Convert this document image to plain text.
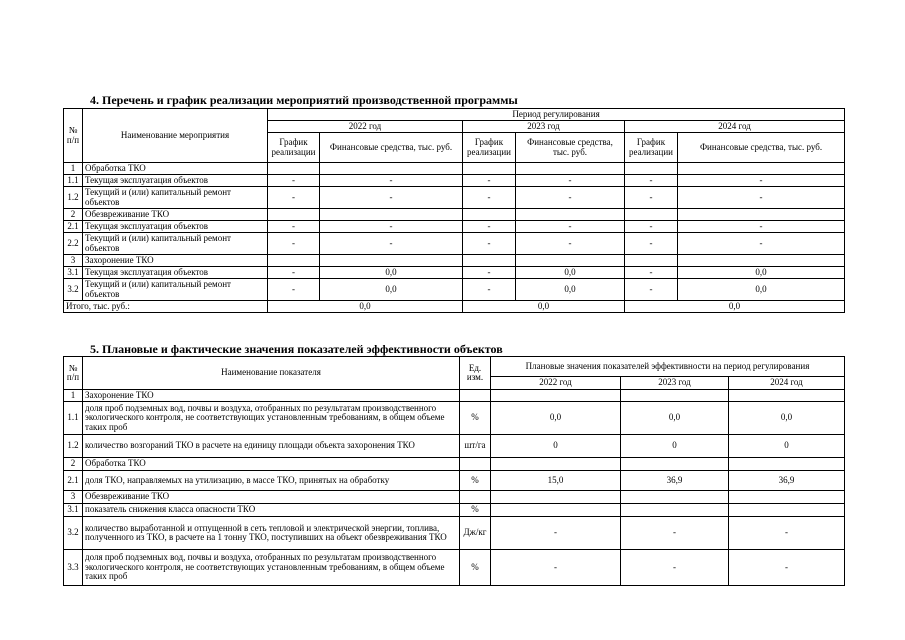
4. Перечень и график реализации мероприятий производственной программы
№ п/п	Наименование мероприятия	Период регулирования					
		2022 год		2023 год		2024 год	
		График реализации	Финансовые средства, тыс. руб.	График реализации	Финансовые средства, тыс. руб.	График реализации	Финансовые средства, тыс. руб.
1	Обработка ТКО						
1.1	Текущая эксплуатация объектов	-	-	-	-	-	-
1.2	Текущий и (или) капитальный ремонт объектов	-	-	-	-	-	-
2	Обезвреживание ТКО						
2.1	Текущая эксплуатация объектов	-	-	-	-	-	-
2.2	Текущий и (или) капитальный ремонт объектов	-	-	-	-	-	-
3	Захоронение ТКО						
3.1	Текущая эксплуатация объектов	-	0,0	-	0,0	-	0,0
3.2	Текущий и (или) капитальный ремонт объектов	-	0,0	-	0,0	-	0,0
Итого, тыс. руб.:		0,0		0,0		0,0	
5. Плановые и фактические значения показателей эффективности объектов
№ п/п	Наименование показателя	Ед. изм.	Плановые значения показателей эффективности на период регулирования		
			2022 год	2023 год	2024 год
1	Захоронение ТКО				
1.1	доля проб подземных вод, почвы и воздуха, отобранных по результатам производственного экологического контроля, не соответствующих установленным требованиям, в общем объеме таких проб	%	0,0	0,0	0,0
1.2	количество возгораний ТКО в расчете на единицу площади объекта захоронения ТКО	шт/га	0	0	0
2	Обработка ТКО				
2.1	доля ТКО, направляемых на утилизацию, в массе ТКО, принятых на обработку	%	15,0	36,9	36,9
3	Обезвреживание ТКО				
3.1	показатель снижения класса опасности ТКО	%			
3.2	количество выработанной и отпущенной в сеть тепловой и электрической энергии, топлива, полученного из ТКО, в расчете на 1 тонну ТКО, поступивших на объект обезвреживания ТКО	Дж/кг	-	-	-
3.3	доля проб подземных вод, почвы и воздуха, отобранных по результатам производственного экологического контроля, не соответствующих установленным требованиям, в общем объеме таких проб	%	-	-	-
